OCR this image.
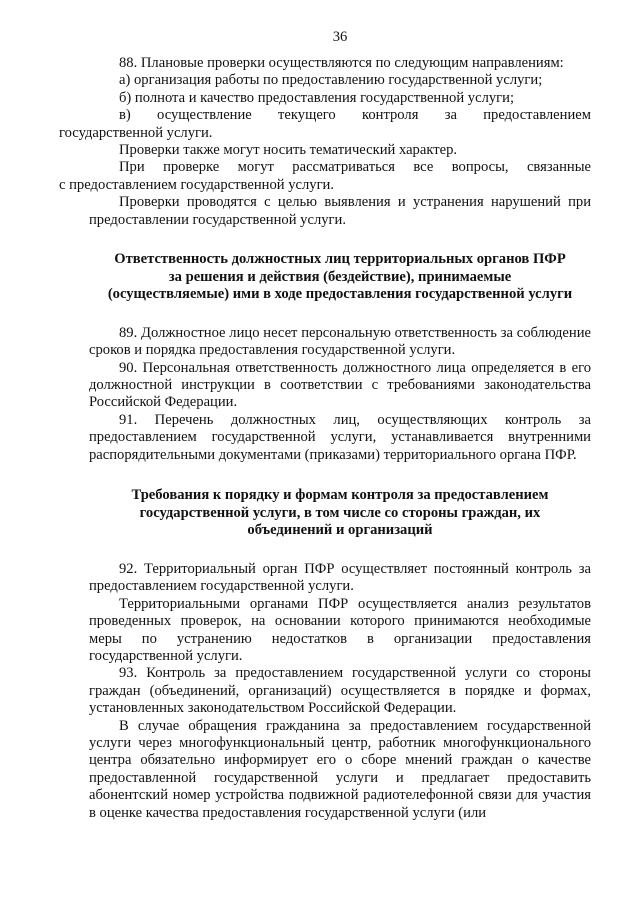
36

88. Плановые проверки осуществляются по следующим направлениям:

а) организация работы по предоставлению государственной услуги;

б) полнота и качество предоставления государственной услуги;

в) осуществление текущего контроля за предоставлением
государственной услуги.

Проверки также могут носить тематический характер.

При проверке могут рассматриваться все вопросы, связанные
с предоставлением государственной услуги.

Проверки проводятся с целью выявления и устранения нарушений при предоставлении государственной услуги.

Ответственность должностных лиц территориальных органов ПФР
за решения и действия (бездействие), принимаемые
(осуществляемые) ими в ходе предоставления государственной услуги

89. Должностное лицо несет персональную ответственность за соблюдение сроков и порядка предоставления государственной услуги.

90. Персональная ответственность должностного лица определяется в его должностной инструкции в соответствии с требованиями законодательства Российской Федерации.

91. Перечень должностных лиц, осуществляющих контроль за предоставлением государственной услуги, устанавливается внутренними распорядительными документами (приказами) территориального органа ПФР.

Требования к порядку и формам контроля за предоставлением
государственной услуги, в том числе со стороны граждан, их
объединений и организаций

92. Территориальный орган ПФР осуществляет постоянный контроль за предоставлением государственной услуги.

Территориальными органами ПФР осуществляется анализ результатов проведенных проверок, на основании которого принимаются необходимые меры по устранению недостатков в организации предоставления государственной услуги.

93. Контроль за предоставлением государственной услуги со стороны граждан (объединений, организаций) осуществляется в порядке и формах, установленных законодательством Российской Федерации.

В случае обращения гражданина за предоставлением государственной услуги через многофункциональный центр, работник многофункционального центра обязательно информирует его о сборе мнений граждан о качестве предоставленной государственной услуги и предлагает предоставить абонентский номер устройства подвижной радиотелефонной связи для участия в оценке качества предоставления государственной услуги (или
